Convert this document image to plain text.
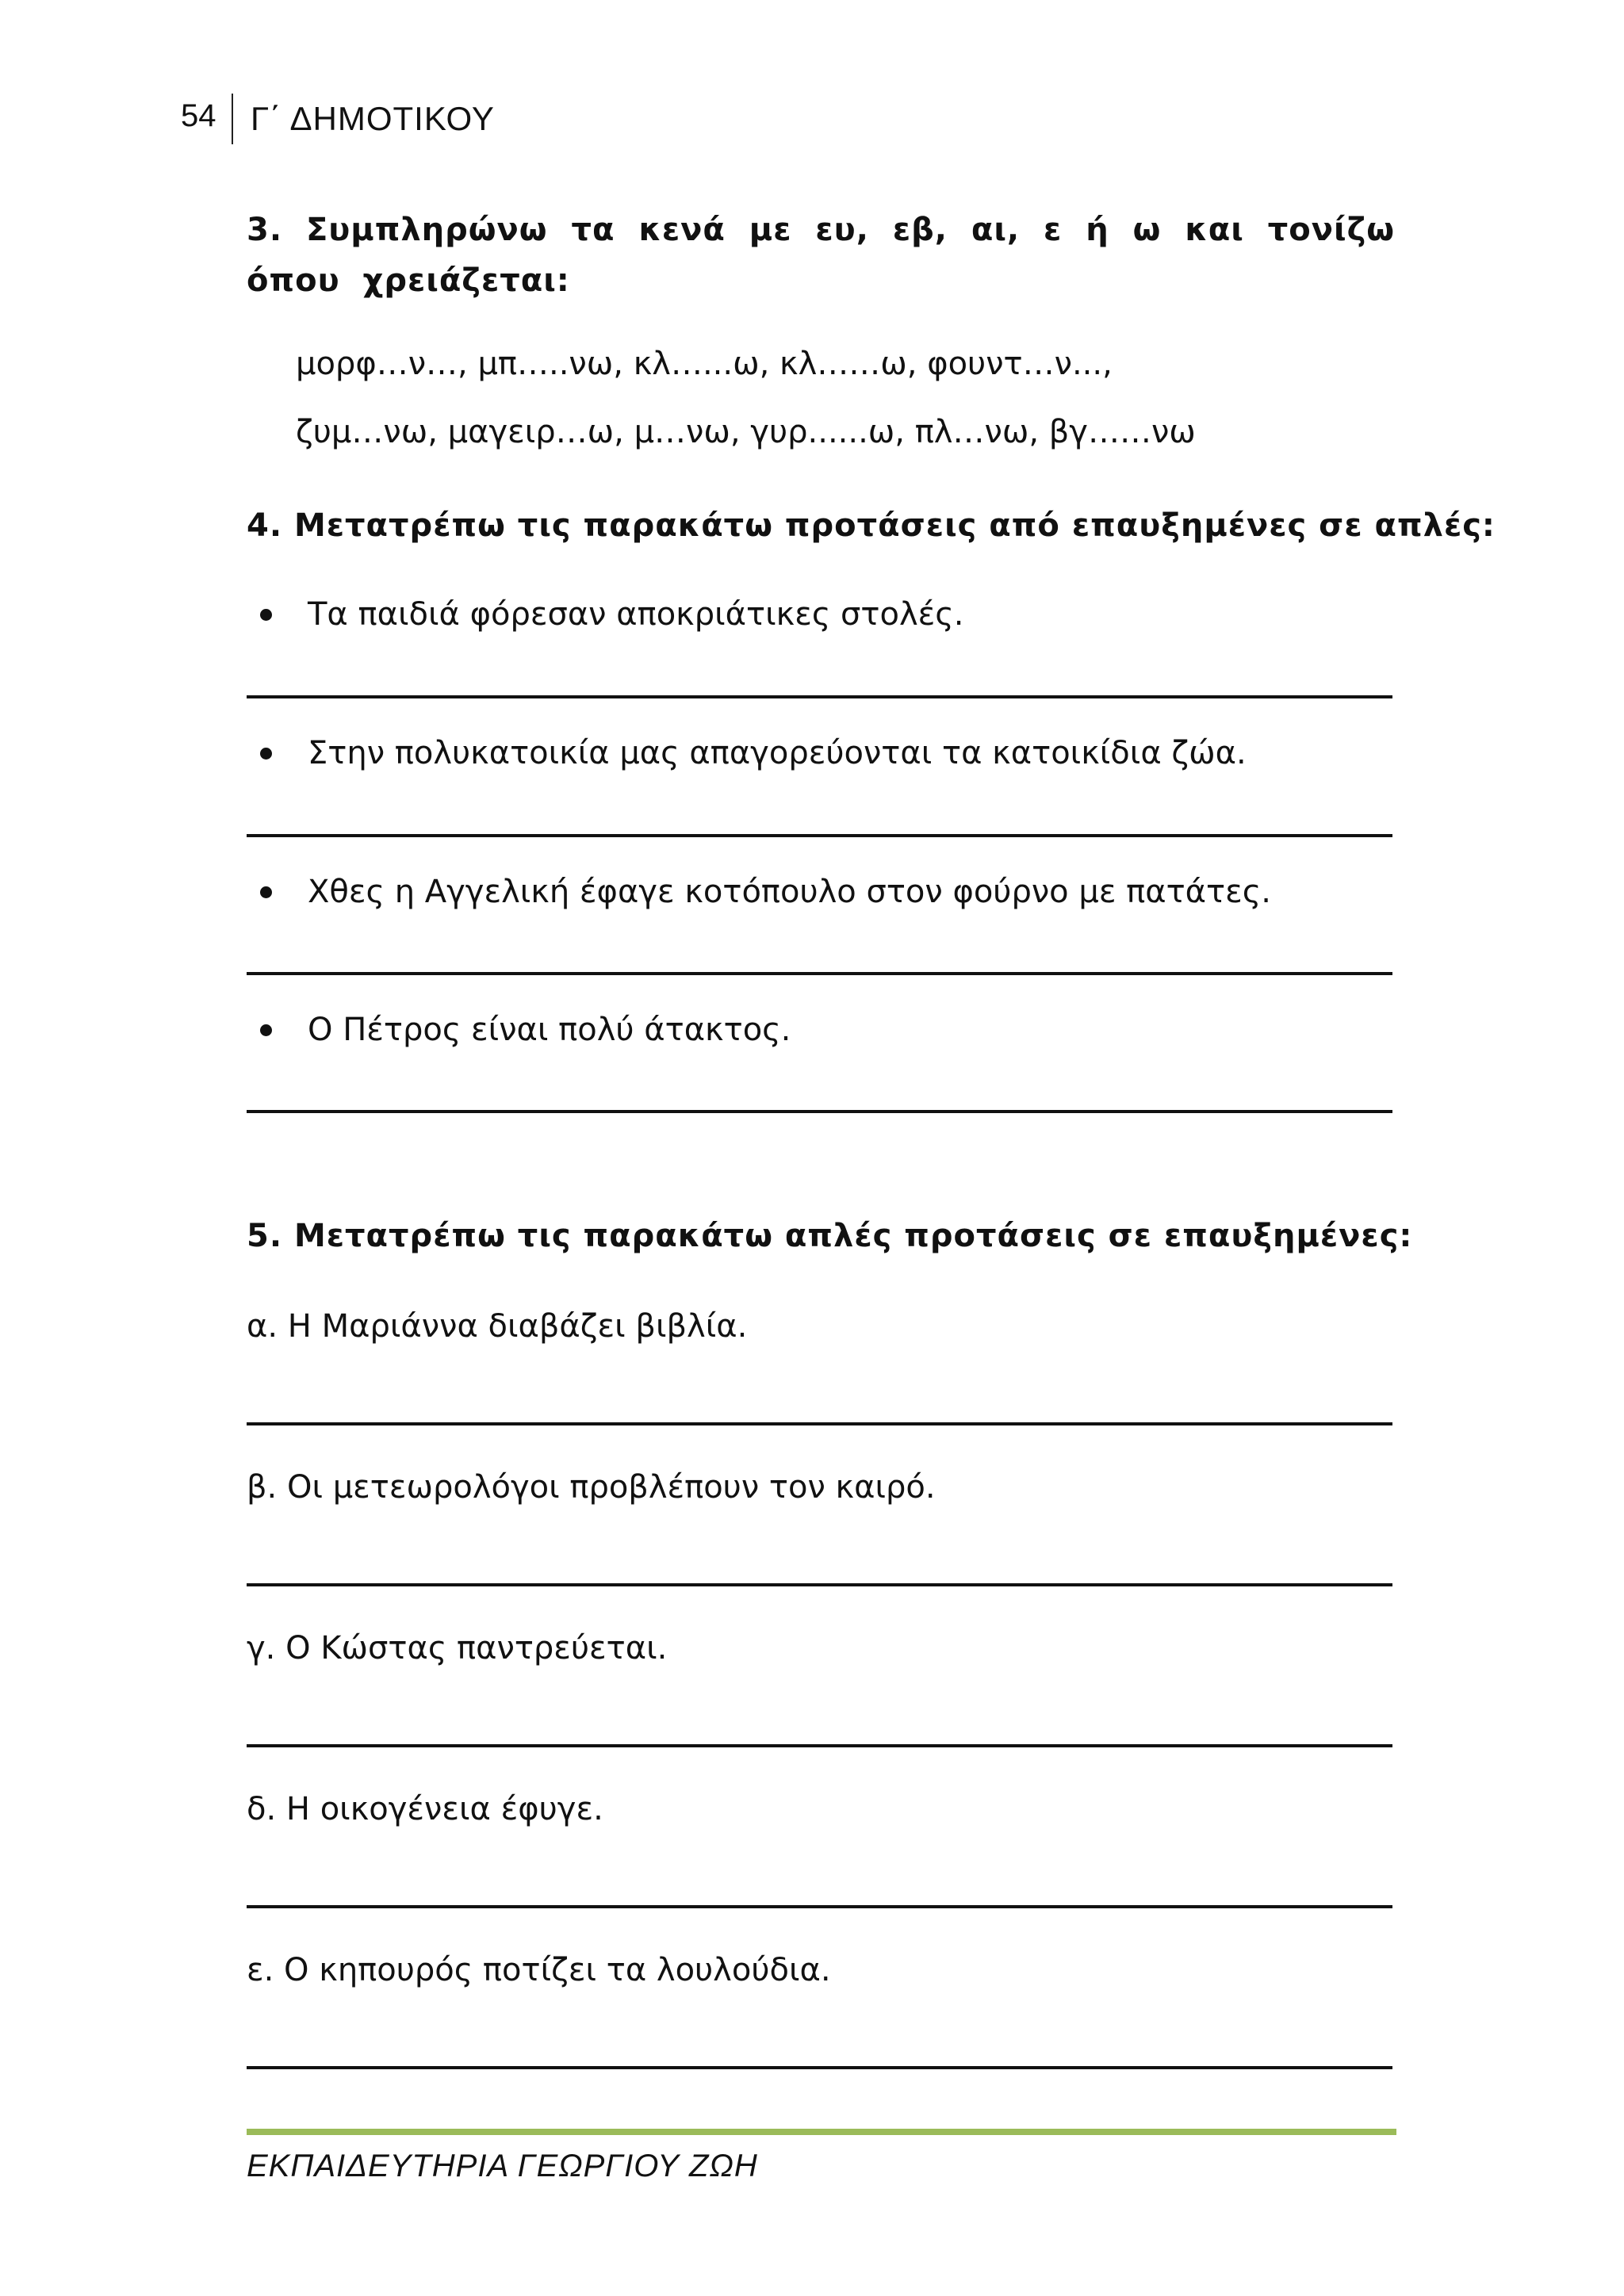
54 Γ΄ ΔΗΜΟΤΙΚΟΥ
3. Συμπληρώνω τα κενά με ευ, εβ, αι, ε ή ω και τονίζω όπου χρειάζεται:
μορφ…ν…, μπ…..νω, κλ…...ω, κλ……ω, φουντ…ν...,
ζυμ…νω, μαγειρ…ω, μ…νω, γυρ......ω, πλ…νω, βγ……νω
4. Μετατρέπω τις παρακάτω προτάσεις από επαυξημένες σε απλές:
Τα παιδιά φόρεσαν αποκριάτικες στολές.
Στην πολυκατοικία μας απαγορεύονται τα κατοικίδια ζώα.
Χθες η Αγγελική έφαγε κοτόπουλο στον φούρνο με πατάτες.
Ο Πέτρος είναι πολύ άτακτος.
5. Μετατρέπω τις παρακάτω απλές προτάσεις σε επαυξημένες:
α. Η Μαριάννα διαβάζει βιβλία.
β. Οι μετεωρολόγοι προβλέπουν τον καιρό.
γ. Ο Κώστας παντρεύεται.
δ. Η οικογένεια έφυγε.
ε. Ο κηπουρός ποτίζει τα λουλούδια.
ΕΚΠΑΙΔΕΥΤΗΡΙΑ ΓΕΩΡΓΙΟΥ ΖΩΗ
